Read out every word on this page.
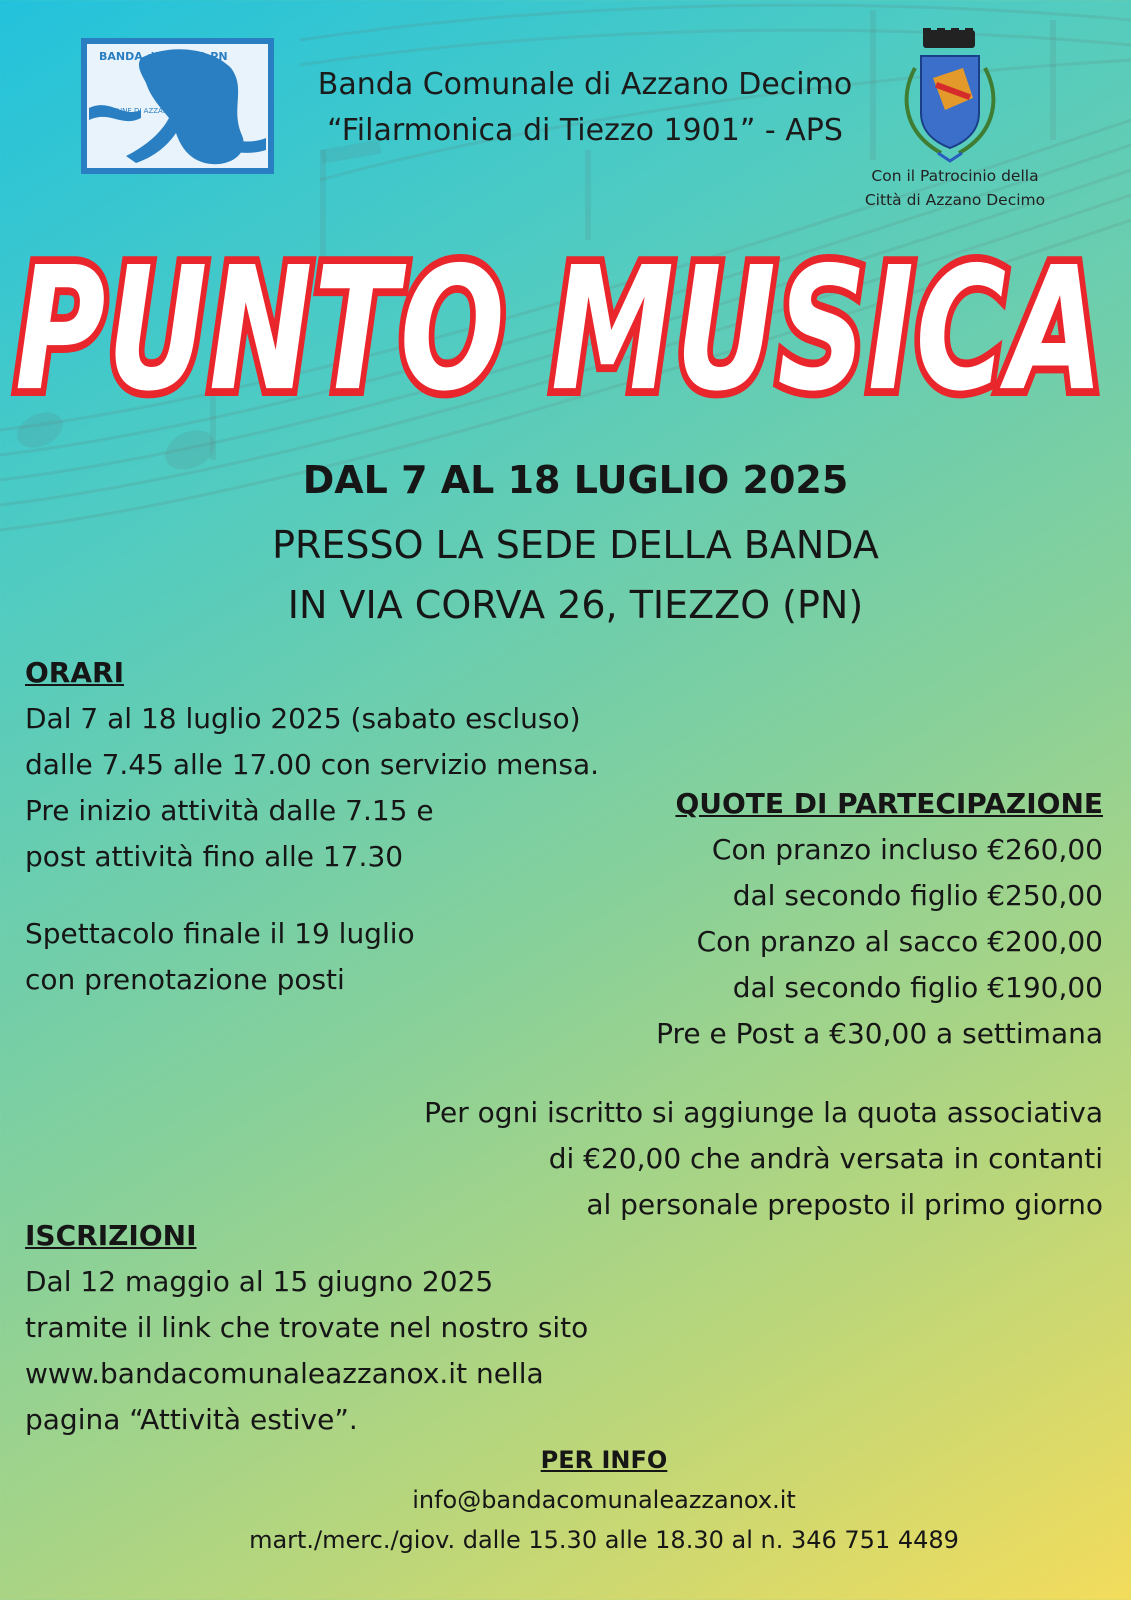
BANDA di TIEZZO PN
IN COMUNE DI AZZANO X
Banda Comunale di Azzano Decimo
“Filarmonica di Tiezzo 1901” - APS
Con il Patrocinio della
Città di Azzano Decimo
PUNTO MUSICA
DAL 7 AL 18 LUGLIO 2025
PRESSO LA SEDE DELLA BANDA
IN VIA CORVA 26, TIEZZO (PN)
ORARI
Dal 7 al 18 luglio 2025 (sabato escluso)
dalle 7.45 alle 17.00 con servizio mensa.
Pre inizio attività dalle 7.15 e
post attività fino alle 17.30
Spettacolo finale il 19 luglio
con prenotazione posti
QUOTE DI PARTECIPAZIONE
Con pranzo incluso €260,00
dal secondo figlio €250,00
Con pranzo al sacco €200,00
dal secondo figlio €190,00
Pre e Post a €30,00 a settimana
Per ogni iscritto si aggiunge la quota associativa
di €20,00 che andrà versata in contanti
al personale preposto il primo giorno
ISCRIZIONI
Dal 12 maggio al 15 giugno 2025
tramite il link che trovate nel nostro sito
www.bandacomunaleazzanox.it nella
pagina “Attività estive”.
PER INFO
info@bandacomunaleazzanox.it
mart./merc./giov. dalle 15.30 alle 18.30 al n. 346 751 4489
